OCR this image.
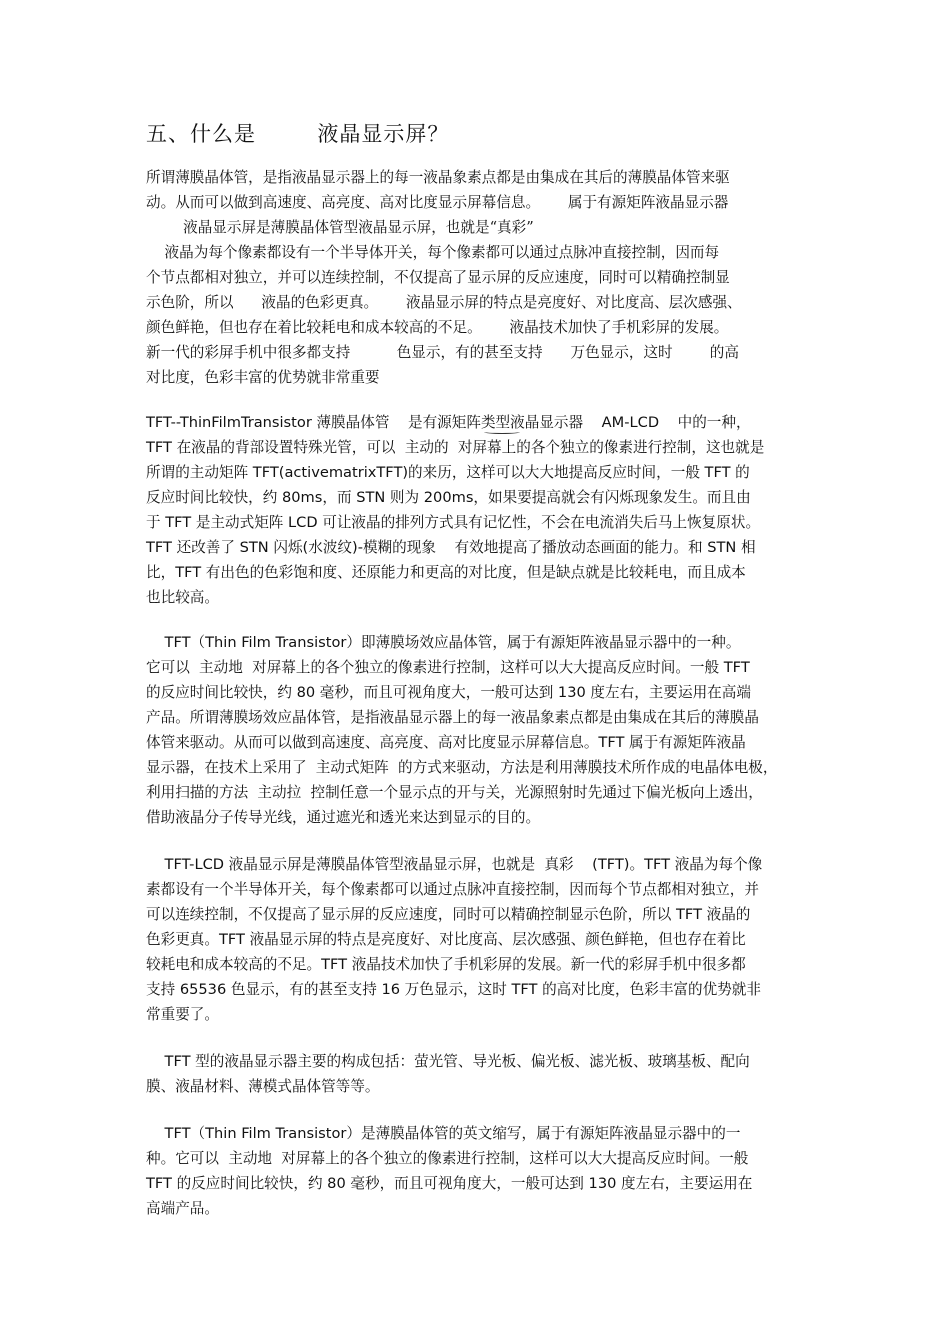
五、什么是        液晶显示屏？
所谓薄膜晶体管，是指液晶显示器上的每一液晶象素点都是由集成在其后的薄膜晶体管来驱
动。从而可以做到高速度、高亮度、高对比度显示屏幕信息。      属于有源矩阵液晶显示器
液晶显示屏是薄膜晶体管型液晶显示屏，也就是“真彩”
液晶为每个像素都设有一个半导体开关，每个像素都可以通过点脉冲直接控制，因而每
个节点都相对独立，并可以连续控制，不仅提高了显示屏的反应速度，同时可以精确控制显
示色阶，所以      液晶的色彩更真。      液晶显示屏的特点是亮度好、对比度高、层次感强、
颜色鲜艳，但也存在着比较耗电和成本较高的不足。      液晶技术加快了手机彩屏的发展。
新一代的彩屏手机中很多都支持          色显示，有的甚至支持      万色显示，这时        的高
对比度，色彩丰富的优势就非常重要
TFT--ThinFilmTransistor 薄膜晶体管    是有源矩阵类型液晶显示器    AM-LCD    中的一种，
TFT 在液晶的背部设置特殊光管，可以  主动的  对屏幕上的各个独立的像素进行控制，这也就是
所谓的主动矩阵 TFT(activematrixTFT)的来历，这样可以大大地提高反应时间，一般 TFT 的
反应时间比较快，约 80ms，而 STN 则为 200ms，如果要提高就会有闪烁现象发生。而且由
于 TFT 是主动式矩阵 LCD 可让液晶的排列方式具有记忆性，不会在电流消失后马上恢复原状。
TFT 还改善了 STN 闪烁(水波纹)-模糊的现象    有效地提高了播放动态画面的能力。和 STN 相
比，TFT 有出色的色彩饱和度、还原能力和更高的对比度，但是缺点就是比较耗电，而且成本
也比较高。
TFT（Thin Film Transistor）即薄膜场效应晶体管，属于有源矩阵液晶显示器中的一种。
它可以  主动地  对屏幕上的各个独立的像素进行控制，这样可以大大提高反应时间。一般 TFT
的反应时间比较快，约 80 毫秒，而且可视角度大，一般可达到 130 度左右，主要运用在高端
产品。所谓薄膜场效应晶体管，是指液晶显示器上的每一液晶象素点都是由集成在其后的薄膜晶
体管来驱动。从而可以做到高速度、高亮度、高对比度显示屏幕信息。TFT 属于有源矩阵液晶
显示器，在技术上采用了  主动式矩阵  的方式来驱动，方法是利用薄膜技术所作成的电晶体电极，
利用扫描的方法  主动拉  控制任意一个显示点的开与关，光源照射时先通过下偏光板向上透出，
借助液晶分子传导光线，通过遮光和透光来达到显示的目的。
TFT-LCD 液晶显示屏是薄膜晶体管型液晶显示屏，也就是  真彩    (TFT)。TFT 液晶为每个像
素都设有一个半导体开关，每个像素都可以通过点脉冲直接控制，因而每个节点都相对独立，并
可以连续控制，不仅提高了显示屏的反应速度，同时可以精确控制显示色阶，所以 TFT 液晶的
色彩更真。TFT 液晶显示屏的特点是亮度好、对比度高、层次感强、颜色鲜艳，但也存在着比
较耗电和成本较高的不足。TFT 液晶技术加快了手机彩屏的发展。新一代的彩屏手机中很多都
支持 65536 色显示，有的甚至支持 16 万色显示，这时 TFT 的高对比度，色彩丰富的优势就非
常重要了。
TFT 型的液晶显示器主要的构成包括：萤光管、导光板、偏光板、滤光板、玻璃基板、配向
膜、液晶材料、薄模式晶体管等等。
TFT（Thin Film Transistor）是薄膜晶体管的英文缩写，属于有源矩阵液晶显示器中的一
种。它可以  主动地  对屏幕上的各个独立的像素进行控制，这样可以大大提高反应时间。一般
TFT 的反应时间比较快，约 80 毫秒，而且可视角度大，一般可达到 130 度左右，主要运用在
高端产品。
